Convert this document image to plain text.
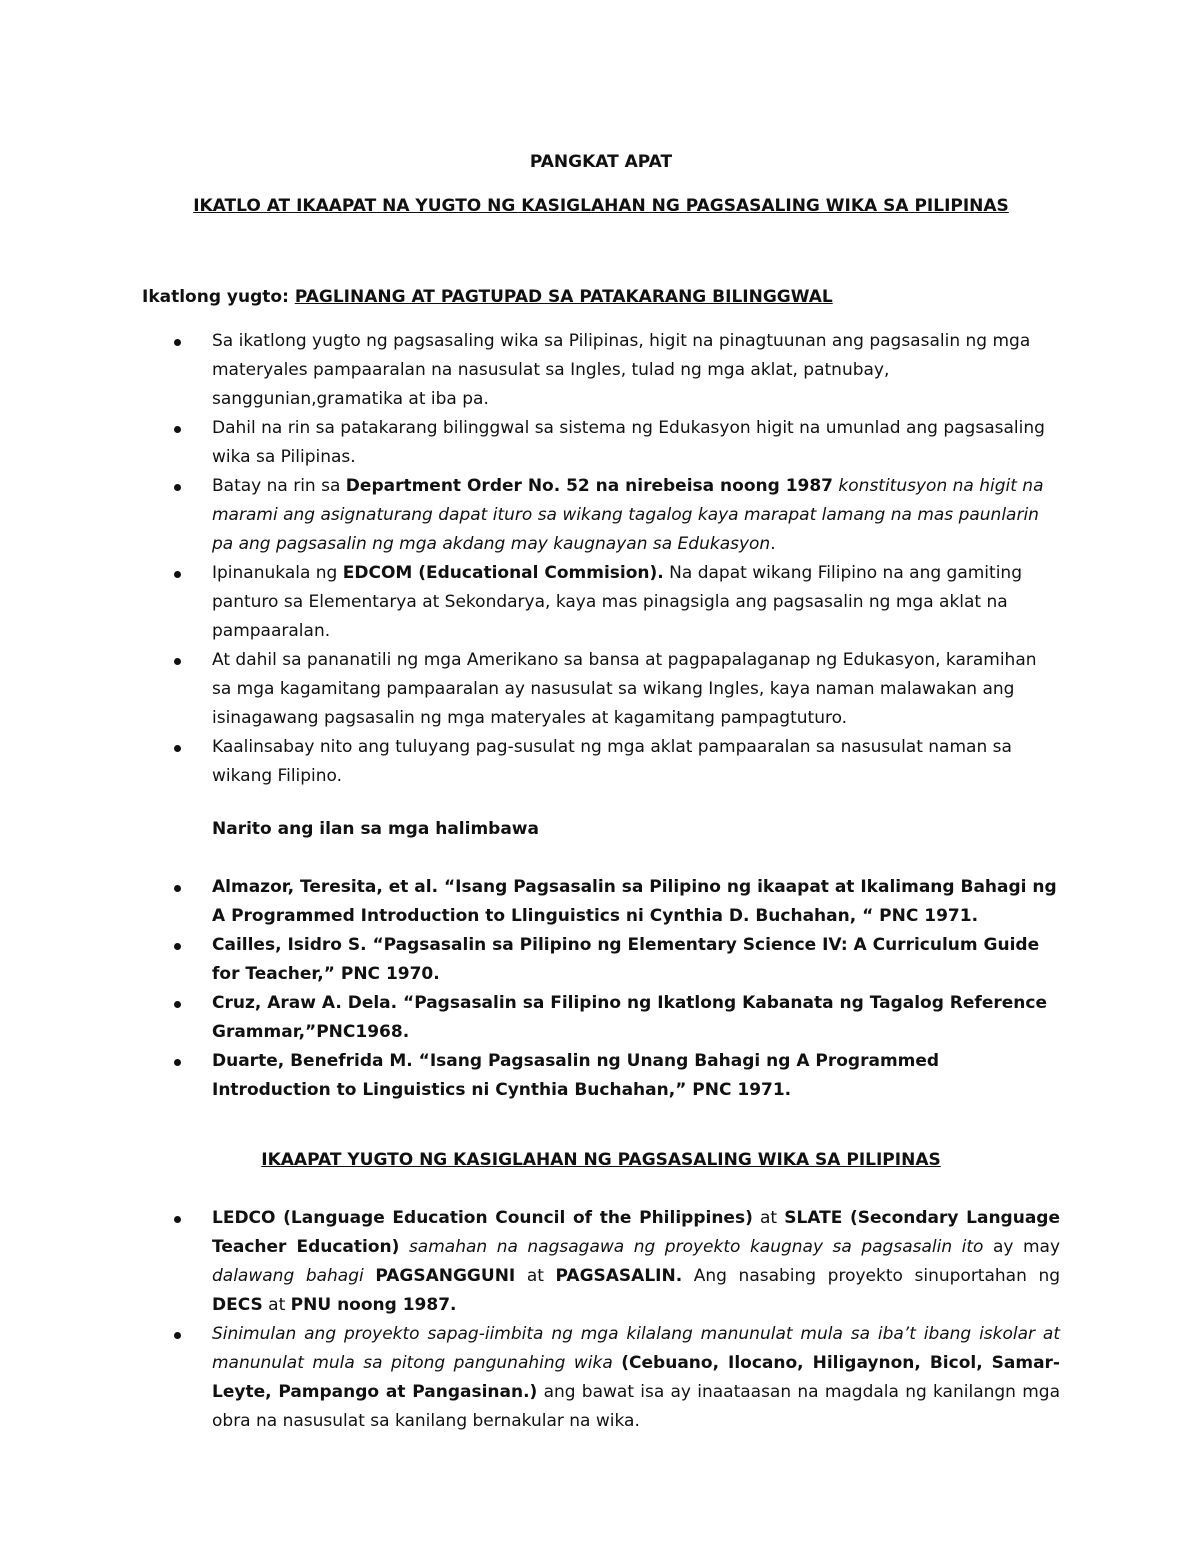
PANGKAT APAT

IKATLO AT IKAAPAT NA YUGTO NG KASIGLAHAN NG PAGSASALING WIKA SA PILIPINAS

Ikatlong yugto: PAGLINANG AT PAGTUPAD SA PATAKARANG BILINGGWAL

Sa ikatlong yugto ng pagsasaling wika sa Pilipinas, higit na pinagtuunan ang pagsasalin ng mga materyales pampaaralan na nasusulat sa Ingles, tulad ng mga aklat, patnubay, sanggunian,gramatika at iba pa.
Dahil na rin sa patakarang bilinggwal sa sistema ng Edukasyon higit na umunlad ang pagsasaling wika sa Pilipinas.
Batay na rin sa Department Order No. 52 na nirebeisa noong 1987 konstitusyon na higit na marami ang asignaturang dapat ituro sa wikang tagalog kaya marapat lamang na mas paunlarin pa ang pagsasalin ng mga akdang may kaugnayan sa Edukasyon.
Ipinanukala ng EDCOM (Educational Commision). Na dapat wikang Filipino na ang gamiting panturo sa Elementarya at Sekondarya, kaya mas pinagsigla ang pagsasalin ng mga aklat na pampaaralan.
At dahil sa pananatili ng mga Amerikano sa bansa at pagpapalaganap ng Edukasyon, karamihan sa mga kagamitang pampaaralan ay nasusulat sa wikang Ingles, kaya naman malawakan ang isinagawang pagsasalin ng mga materyales at kagamitang pampagtuturo.
Kaalinsabay nito ang tuluyang pag-susulat ng mga aklat pampaaralan sa nasusulat naman sa wikang Filipino.

Narito ang ilan sa mga halimbawa

Almazor, Teresita, et al. “Isang Pagsasalin sa Pilipino ng ikaapat at Ikalimang Bahagi ng A Programmed Introduction to Llinguistics ni Cynthia D. Buchahan, “ PNC 1971.
Cailles, Isidro S. “Pagsasalin sa Pilipino ng Elementary Science IV: A Curriculum Guide for Teacher,” PNC 1970.
Cruz, Araw A. Dela. “Pagsasalin sa Filipino ng Ikatlong Kabanata ng Tagalog Reference Grammar,”PNC1968.
Duarte, Benefrida M. “Isang Pagsasalin ng Unang Bahagi ng A Programmed Introduction to Linguistics ni Cynthia Buchahan,” PNC 1971.

IKAAPAT YUGTO NG KASIGLAHAN NG PAGSASALING WIKA SA PILIPINAS

LEDCO (Language Education Council of the Philippines) at SLATE (Secondary Language Teacher Education) samahan na nagsagawa ng proyekto kaugnay sa pagsasalin ito ay may dalawang bahagi PAGSANGGUNI at PAGSASALIN. Ang nasabing proyekto sinuportahan ng DECS at PNU noong 1987.
Sinimulan ang proyekto sapag-iimbita ng mga kilalang manunulat mula sa iba’t ibang iskolar at manunulat mula sa pitong pangunahing wika (Cebuano, Ilocano, Hiligaynon, Bicol, Samar-Leyte, Pampango at Pangasinan.) ang bawat isa ay inaataasan na magdala ng kanilangn mga obra na nasusulat sa kanilang bernakular na wika.
